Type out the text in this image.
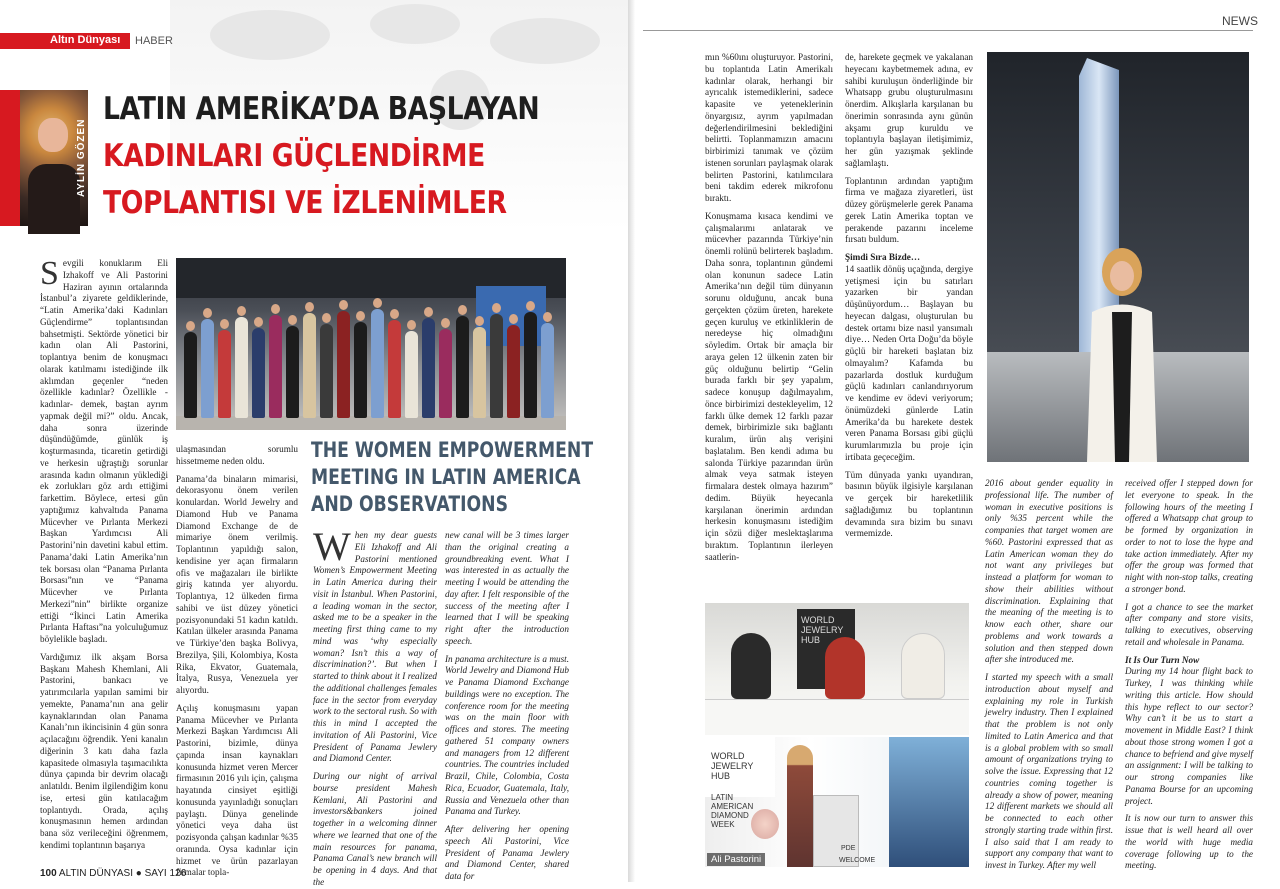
Altın Dünyası HABER
AYLİN GÖZEN
LATIN AMERİKA’DA BAŞLAYAN
KADINLARI GÜÇLENDİRME
TOPLANTISI VE İZLENİMLER
S evgili konuklarım Eli Izhakoff ve Ali Pastorini Haziran ayının ortalarında İstanbul’a ziyarete geldiklerinde, “Latin Amerika’daki Kadınları Güçlendirme” toplantısından bahsetmişti. Sektörde yönetici bir kadın olan Ali Pastorini, toplantıya benim de konuşmacı olarak katılmamı istediğinde ilk aklımdan geçenler “neden özellikle kadınlar? Özellikle -kadınlar- demek, baştan ayrım yapmak değil mi?” oldu. Ancak, daha sonra üzerinde düşündüğümde, günlük iş koşturmasında, ticaretin getirdiği ve herkesin uğraştığı sorunlar arasında kadın olmanın yüklediği ek zorlukları göz ardı ettiğimi farkettim. Böylece, ertesi gün yaptığımız kahvaltıda Panama Mücevher ve Pırlanta Merkezi Başkan Yardımcısı Ali Pastorini’nin davetini kabul ettim. Panama’daki Latin Amerika’nın tek borsası olan “Panama Pırlanta Borsası”nın ve “Panama Mücevher ve Pırlanta Merkezi”nin” birlikte organize ettiği “İkinci Latin Amerika Pırlanta Haftası”na yolculuğumuz böylelikle başladı.

Vardığımız ilk akşam Borsa Başkanı Mahesh Khemlani, Ali Pastorini, bankacı ve yatırımcılarla yapılan samimi bir yemekte, Panama’nın ana gelir kaynaklarından olan Panama Kanalı’nın ikincisinin 4 gün sonra açılacağını öğrendik. Yeni kanalın diğerinin 3 katı daha fazla kapasitede olmasıyla taşımacılıkta dünya çapında bir devrim olacağı anlatıldı. Benim ilgilendiğim konu ise, ertesi gün katılacağım toplantıydı. Orada, açılış konuşmasının hemen ardından bana söz verileceğini öğrenmem, kendimi toplantının başarıya

ulaşmasından sorumlu hissetmeme neden oldu.

Panama’da binaların mimarisi, dekorasyonu önem verilen konulardan. World Jewelry and Diamond Hub ve Panama Diamond Exchange de de mimariye önem verilmiş. Toplantının yapıldığı salon, kendisine yer açan firmaların ofis ve mağazaları ile birlikte giriş katında yer alıyordu. Toplantıya, 12 ülkeden firma sahibi ve üst düzey yönetici pozisyonundaki 51 kadın katıldı. Katılan ülkeler arasında Panama ve Türkiye’den başka Bolivya, Brezilya, Şili, Kolombiya, Kosta Rika, Ekvator, Guatemala, İtalya, Rusya, Venezuela yer alıyordu.

Açılış konuşmasını yapan Panama Mücevher ve Pırlanta Merkezi Başkan Yardımcısı Ali Pastorini, bizimle, dünya çapında insan kaynakları konusunda hizmet veren Mercer firmasının 2016 yılı için, çalışma hayatında cinsiyet eşitliği konusunda yayınladığı sonuçları paylaştı. Dünya genelinde yönetici veya daha üst pozisyonda çalışan kadınlar %35 oranında. Oysa kadınlar için hizmet ve ürün pazarlayan firmalar topla-

THE WOMEN EMPOWERMENT
MEETING IN LATIN AMERICA
AND OBSERVATIONS
W hen my dear guests Eli Izhakoff and Ali Pastorini mentioned Women’s Empowerment Meeting in Latin America during their visit in İstanbul. When Pastorini, a leading woman in the sector, asked me to be a speaker in the meeting first thing came to my mind was ‘why especially woman? Isn’t this a way of discrimination?’. But when I started to think about it I realized the additional challenges females face in the sector from everyday work to the sectoral rush. So with this in mind I accepted the invitation of Ali Pastorini, Vice President of Panama Jewlery and Diamond Center.

During our night of arrival bourse president Mahesh Kemlani, Ali Pastorini and investors&bankers joined together in a welcoming dinner where we learned that one of the main resources for panama, Panama Canal’s new branch will be opening in 4 days. And that the

new canal will be 3 times larger than the original creating a groundbreaking event. What I was interested in as actually the meeting I would be attending the day after. I felt responsible of the success of the meeting after I learned that I will be speaking right after the introduction speech.

In panama architecture is a must. World Jewelry and Diamond Hub ve Panama Diamond Exchange buildings were no exception. The conference room for the meeting was on the main floor with offices and stores. The meeting gathered 51 company owners and managers from 12 different countries. The countries included Brazil, Chile, Colombia, Costa Rica, Ecuador, Guatemala, Italy, Russia and Venezuela other than Panama and Turkey.

After delivering her opening speech Ali Pastorini, Vice President of Panama Jewlery and Diamond Center, shared data for

100 ALTIN DÜNYASI ● SAYI 126
NEWS

mın %60ını oluşturuyor. Pastorini, bu toplantıda Latin Amerikalı kadınlar olarak, herhangi bir ayrıcalık istemediklerini, sadece kapasite ve yeteneklerinin önyargısız, ayrım yapılmadan değerlendirilmesini beklediğini belirtti. Toplanmamızın amacını birbirimizi tanımak ve çözüm istenen sorunları paylaşmak olarak belirten Pastorini, katılımcılara beni takdim ederek mikrofonu bıraktı.

Konuşmama kısaca kendimi ve çalışmalarımı anlatarak ve mücevher pazarında Türkiye’nin önemli rolünü belirterek başladım. Daha sonra, toplantının gündemi olan konunun sadece Latin Amerika’nın değil tüm dünyanın sorunu olduğunu, ancak buna gerçekten çözüm üreten, harekete geçen kuruluş ve etkinliklerin de neredeyse hiç olmadığını söyledim. Ortak bir amaçla bir araya gelen 12 ülkenin zaten bir güç olduğunu belirtip “Gelin burada farklı bir şey yapalım, sadece konuşup dağılmayalım, önce birbirimizi destekleyelim, 12 farklı ülke demek 12 farklı pazar demek, birbirimizle sıkı bağlantı kuralım, ürün alış verişini başlatalım. Ben kendi adıma bu salonda Türkiye pazarından ürün almak veya satmak isteyen firmalara destek olmaya hazırım” dedim. Büyük heyecanla karşılanan önerimin ardından herkesin konuşmasını istediğim için sözü diğer meslektaşlarıma bıraktım. Toplantının ilerleyen saatlerin-

de, harekete geçmek ve yakalanan heyecanı kaybetmemek adına, ev sahibi kuruluşun önderliğinde bir Whatsapp grubu oluşturulmasını önerdim. Alkışlarla karşılanan bu önerimin sonrasında aynı günün akşamı grup kuruldu ve toplantıyla başlayan iletişimimiz, her gün yazışmak şeklinde sağlamlaştı.

Toplantının ardından yaptığım firma ve mağaza ziyaretleri, üst düzey görüşmelerle gerek Panama gerek Latin Amerika toptan ve perakende pazarını inceleme fırsatı buldum.

Şimdi Sıra Bizde…

14 saatlik dönüş uçağında, dergiye yetişmesi için bu satırları yazarken bir yandan düşünüyordum… Başlayan bu heyecan dalgası, oluşturulan bu destek ortamı bize nasıl yansımalı diye… Neden Orta Doğu’da böyle güçlü bir hareketi başlatan biz olmayalım? Kafamda bu pazarlarda dostluk kurduğum güçlü kadınları canlandırıyorum ve kendime ev ödevi veriyorum; önümüzdeki günlerde Latin Amerika’da bu harekete destek veren Panama Borsası gibi güçlü kurumlarımızla bu proje için irtibata geçeceğim.

Tüm dünyada yankı uyandıran, basının büyük ilgisiyle karşılanan ve gerçek bir hareketlilik sağladığımız bu toplantının devamında sıra bizim bu sınavı vermemizde.

2016 about gender equality in professional life. The number of woman in executive positions is only %35 percent while the companies that target women are %60. Pastorini expressed that as Latin American woman they do not want any privileges but instead a platform for woman to show their abilities without discrimination. Explaining that the meaning of the meeting is to know each other, share our problems and work towards a solution and then stepped down after she introduced me.

I started my speech with a small introduction about myself and explaining my role in Turkish jewelry industry. Then I explained that the problem is not only limited to Latin America and that is a global problem with so small amount of organizations trying to solve the issue. Expressing that 12 countries coming together is already a show of power, meaning 12 different markets we should all be connected to each other strongly starting trade within first. I also said that I am ready to support any company that want to invest in Turkey. After my well

received offer I stepped down for let everyone to speak. In the following hours of the meeting I offered a Whatsapp chat group to be formed by organization in order to not to lose the hype and take action immediately. After my offer the group was formed that night with non-stop talks, creating a stronger bond.

I got a chance to see the market after company and store visits, talking to executives, observing retail and wholesale in Panama.

It Is Our Turn Now

During my 14 hour flight back to Turkey, I was thinking while writing this article. How should this hype reflect to our sector? Why can’t it be us to start a movement in Middle East? I think about those strong women I got a chance to befriend and give myself an assignment: I will be talking to our strong companies like Panama Bourse for an upcoming project.

It is now our turn to answer this issue that is well heard all over the world with huge media coverage following up to the meeting.

WORLD JEWELRY HUB
WORLD JEWELRY HUB
LATIN AMERICAN DIAMOND WEEK
PDE
WELCOME
Ali Pastorini
